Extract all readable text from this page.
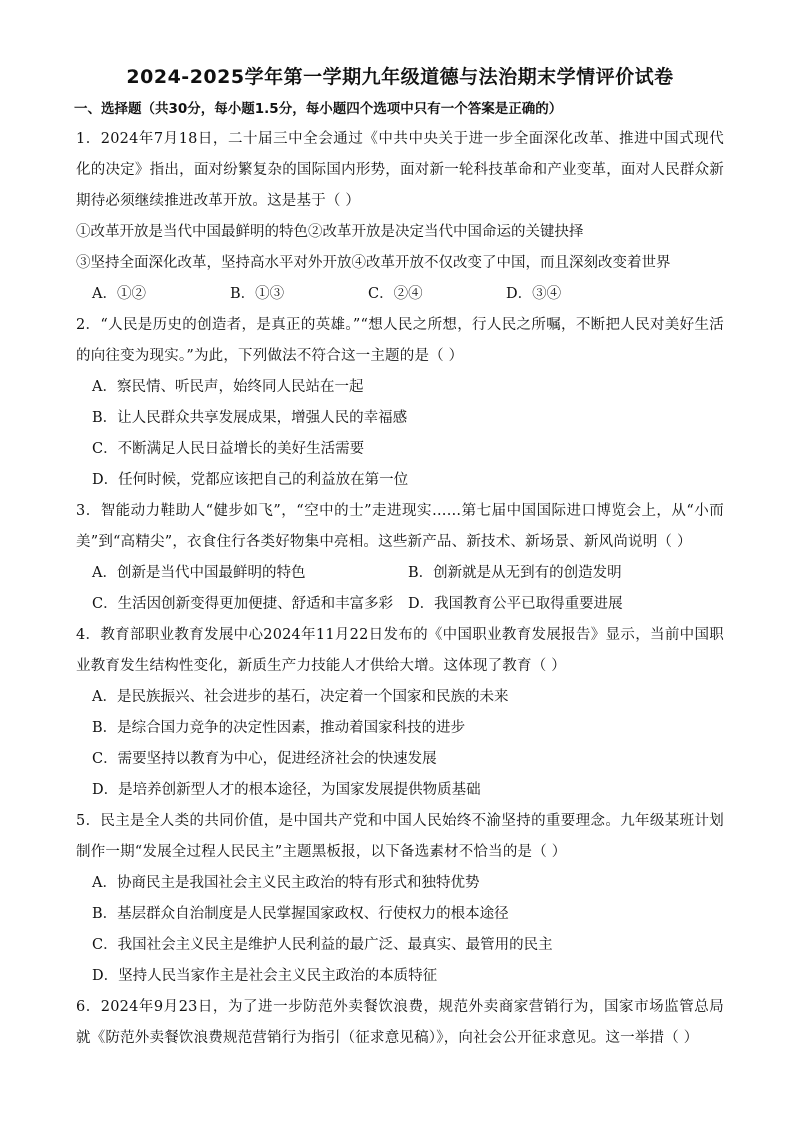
2024-2025学年第一学期九年级道德与法治期末学情评价试卷
一、选择题（共30分，每小题1.5分，每小题四个选项中只有一个答案是正确的）

1．2024年7月18日，二十届三中全会通过《中共中央关于进一步全面深化改革、推进中国式现代化的决定》指出，面对纷繁复杂的国际国内形势，面对新一轮科技革命和产业变革，面对人民群众新期待必须继续推进改革开放。这是基于（ ）

①改革开放是当代中国最鲜明的特色②改革开放是决定当代中国命运的关键抉择

③坚持全面深化改革，坚持高水平对外开放④改革开放不仅改变了中国，而且深刻改变着世界

A．①②	B．①③	C．②④	D．③④

2．“人民是历史的创造者，是真正的英雄。”“想人民之所想，行人民之所嘱，不断把人民对美好生活的向往变为现实。”为此，下列做法不符合这一主题的是（ ）

A．察民情、听民声，始终同人民站在一起

B．让人民群众共享发展成果，增强人民的幸福感

C．不断满足人民日益增长的美好生活需要

D．任何时候，党都应该把自己的利益放在第一位

3．智能动力鞋助人“健步如飞”，“空中的士”走进现实……第七届中国国际进口博览会上，从“小而美”到“高精尖”，衣食住行各类好物集中亮相。这些新产品、新技术、新场景、新风尚说明（ ）

A．创新是当代中国最鲜明的特色	B．创新就是从无到有的创造发明
C．生活因创新变得更加便捷、舒适和丰富多彩	D．我国教育公平已取得重要进展

4．教育部职业教育发展中心2024年11月22日发布的《中国职业教育发展报告》显示，当前中国职业教育发生结构性变化，新质生产力技能人才供给大增。这体现了教育（ ）

A．是民族振兴、社会进步的基石，决定着一个国家和民族的未来

B．是综合国力竞争的决定性因素，推动着国家科技的进步

C．需要坚持以教育为中心，促进经济社会的快速发展

D．是培养创新型人才的根本途径，为国家发展提供物质基础

5．民主是全人类的共同价值，是中国共产党和中国人民始终不渝坚持的重要理念。九年级某班计划制作一期“发展全过程人民民主”主题黑板报，以下备选素材不恰当的是（ ）

A．协商民主是我国社会主义民主政治的特有形式和独特优势

B．基层群众自治制度是人民掌握国家政权、行使权力的根本途径

C．我国社会主义民主是维护人民利益的最广泛、最真实、最管用的民主

D．坚持人民当家作主是社会主义民主政治的本质特征

6．2024年9月23日，为了进一步防范外卖餐饮浪费，规范外卖商家营销行为，国家市场监管总局就《防范外卖餐饮浪费规范营销行为指引（征求意见稿）》，向社会公开征求意见。这一举措（ ）
